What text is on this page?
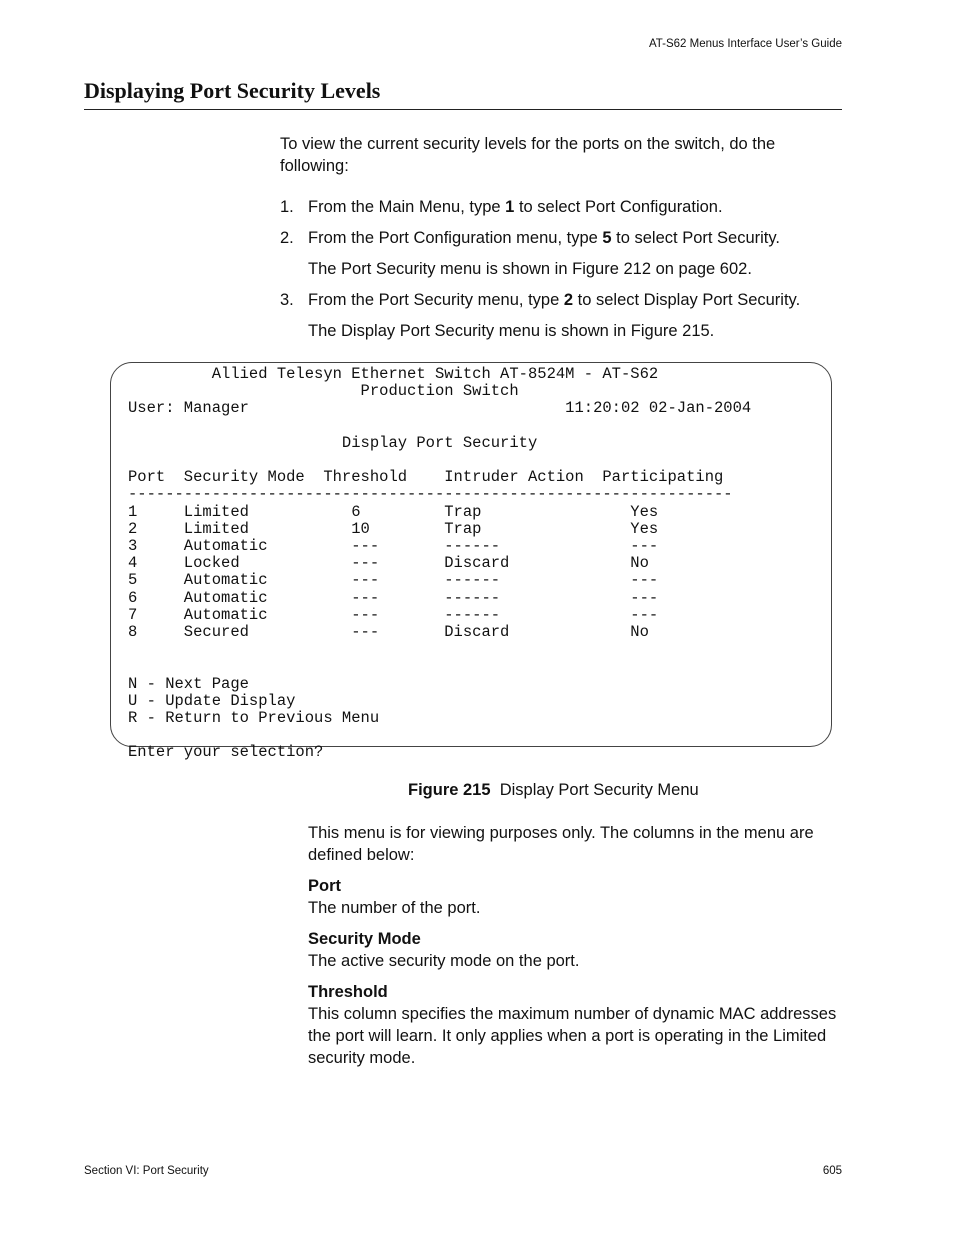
AT-S62 Menus Interface User’s Guide
Displaying Port Security Levels

To view the current security levels for the ports on the switch, do the following:

1. From the Main Menu, type 1 to select Port Configuration.
2. From the Port Configuration menu, type 5 to select Port Security.

The Port Security menu is shown in Figure 212 on page 602.

3. From the Port Security menu, type 2 to select Display Port Security.

The Display Port Security menu is shown in Figure 215.

Allied Telesyn Ethernet Switch AT-8524M - AT-S62
Production Switch
User: Manager                                  11:20:02 02-Jan-2004

Display Port Security

Port  Security Mode  Threshold    Intruder Action  Participating
-----------------------------------------------------------------
1     Limited           6         Trap                Yes
2     Limited           10        Trap                Yes
3     Automatic         ---       ------              ---
4     Locked            ---       Discard             No
5     Automatic         ---       ------              ---
6     Automatic         ---       ------              ---
7     Automatic         ---       ------              ---
8     Secured           ---       Discard             No

N - Next Page
U - Update Display
R - Return to Previous Menu

Enter your selection?
Figure 215 Display Port Security Menu

This menu is for viewing purposes only. The columns in the menu are defined below:

Port

The number of the port.

Security Mode

The active security mode on the port.

Threshold

This column specifies the maximum number of dynamic MAC addresses the port will learn. It only applies when a port is operating in the Limited security mode.

Section VI: Port Security	605
